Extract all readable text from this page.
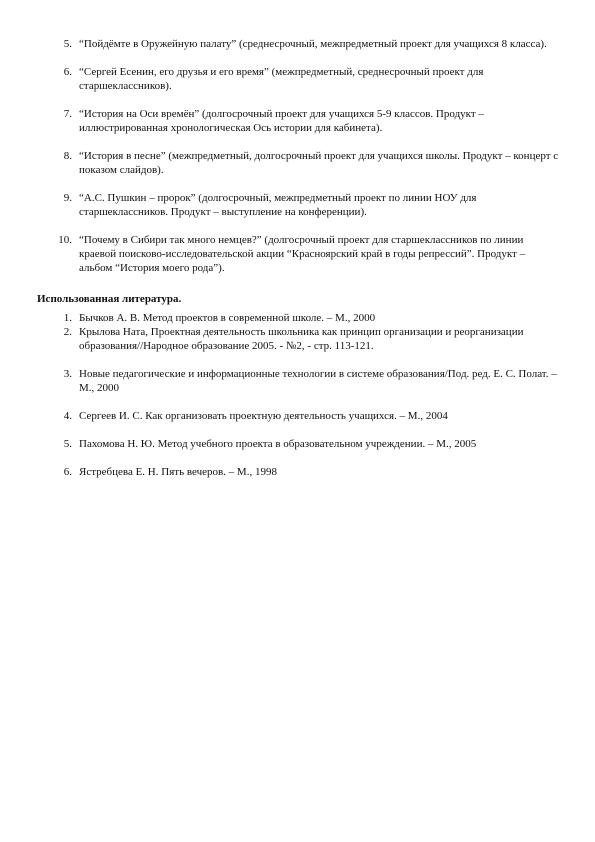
5. “Пойдёмте в Оружейную палату” (среднесрочный, межпредметный проект для учащихся 8 класса).
6. “Сергей Есенин, его друзья и его время” (межпредметный, среднесрочный проект для старшеклассников).
7. “История на Оси времён” (долгосрочный проект для учащихся 5-9 классов. Продукт – иллюстрированная хронологическая Ось истории для кабинета).
8. “История в песне” (межпредметный, долгосрочный проект для учащихся школы. Продукт – концерт с показом слайдов).
9. “А.С. Пушкин – пророк” (долгосрочный, межпредметный проект по линии НОУ для старшеклассников. Продукт – выступление на конференции).
10. “Почему в Сибири так много немцев?” (долгосрочный проект для старшеклассников по линии краевой поисково-исследовательской акции “Красноярский край в годы репрессий”. Продукт – альбом “История моего рода”).
Использованная литература.
1. Бычков А. В. Метод проектов в современной школе. – М., 2000
2. Крылова Ната, Проектная деятельность школьника как принцип организации и реорганизации образования//Народное образование 2005. - №2, - стр. 113-121.
3. Новые педагогические и информационные технологии в системе образования/Под. ред. Е. С. Полат. – М., 2000
4. Сергеев И. С. Как организовать проектную деятельность учащихся. – М., 2004
5. Пахомова Н. Ю. Метод учебного проекта в образовательном учреждении. – М., 2005
6. Ястребцева Е. Н. Пять вечеров. – М., 1998
